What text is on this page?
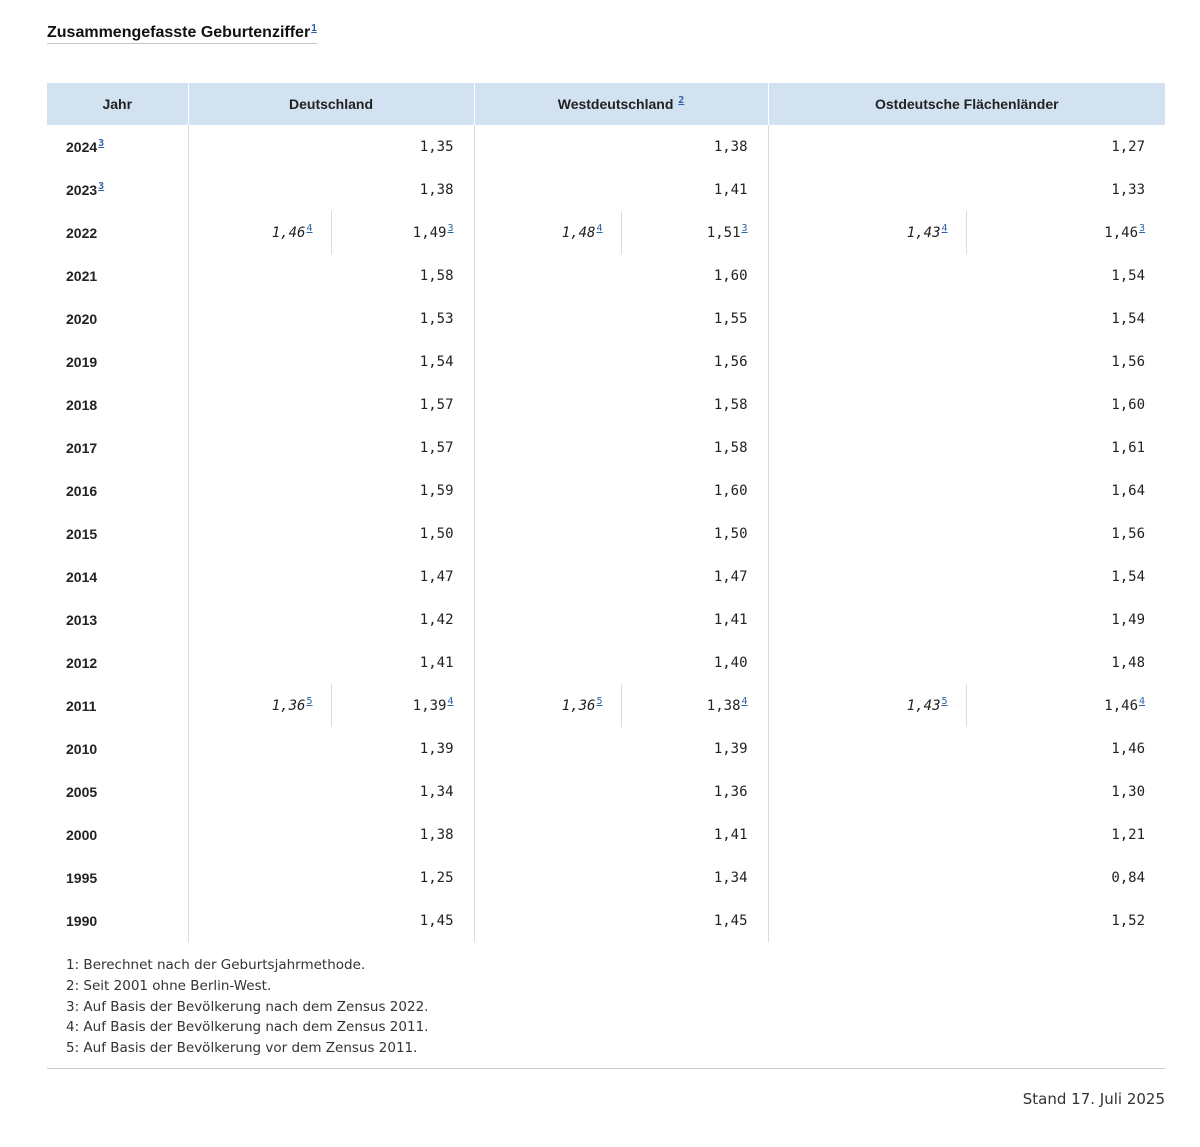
Zusammengefasste Geburtenziffer$^1$
Jahr	Deutschland		Westdeutschland $^2$		Ostdeutsche Flächenländer	
2024$^3$	1,35		1,38		1,27	
2023$^3$	1,38		1,41		1,33	
2022	1,46$^4$	1,49$^3$	1,48$^4$	1,51$^3$	1,43$^4$	1,46$^3$
2021	1,58		1,60		1,54	
2020	1,53		1,55		1,54	
2019	1,54		1,56		1,56	
2018	1,57		1,58		1,60	
2017	1,57		1,58		1,61	
2016	1,59		1,60		1,64	
2015	1,50		1,50		1,56	
2014	1,47		1,47		1,54	
2013	1,42		1,41		1,49	
2012	1,41		1,40		1,48	
2011	1,36$^5$	1,39$^4$	1,36$^5$	1,38$^4$	1,43$^5$	1,46$^4$
2010	1,39		1,39		1,46	
2005	1,34		1,36		1,30	
2000	1,38		1,41		1,21	
1995	1,25		1,34		0,84	
1990	1,45		1,45		1,52	
1: Berechnet nach der Geburtsjahrmethode.
2: Seit 2001 ohne Berlin-West.
3: Auf Basis der Bevölkerung nach dem Zensus 2022.
4: Auf Basis der Bevölkerung nach dem Zensus 2011.
5: Auf Basis der Bevölkerung vor dem Zensus 2011.
Stand 17. Juli 2025
